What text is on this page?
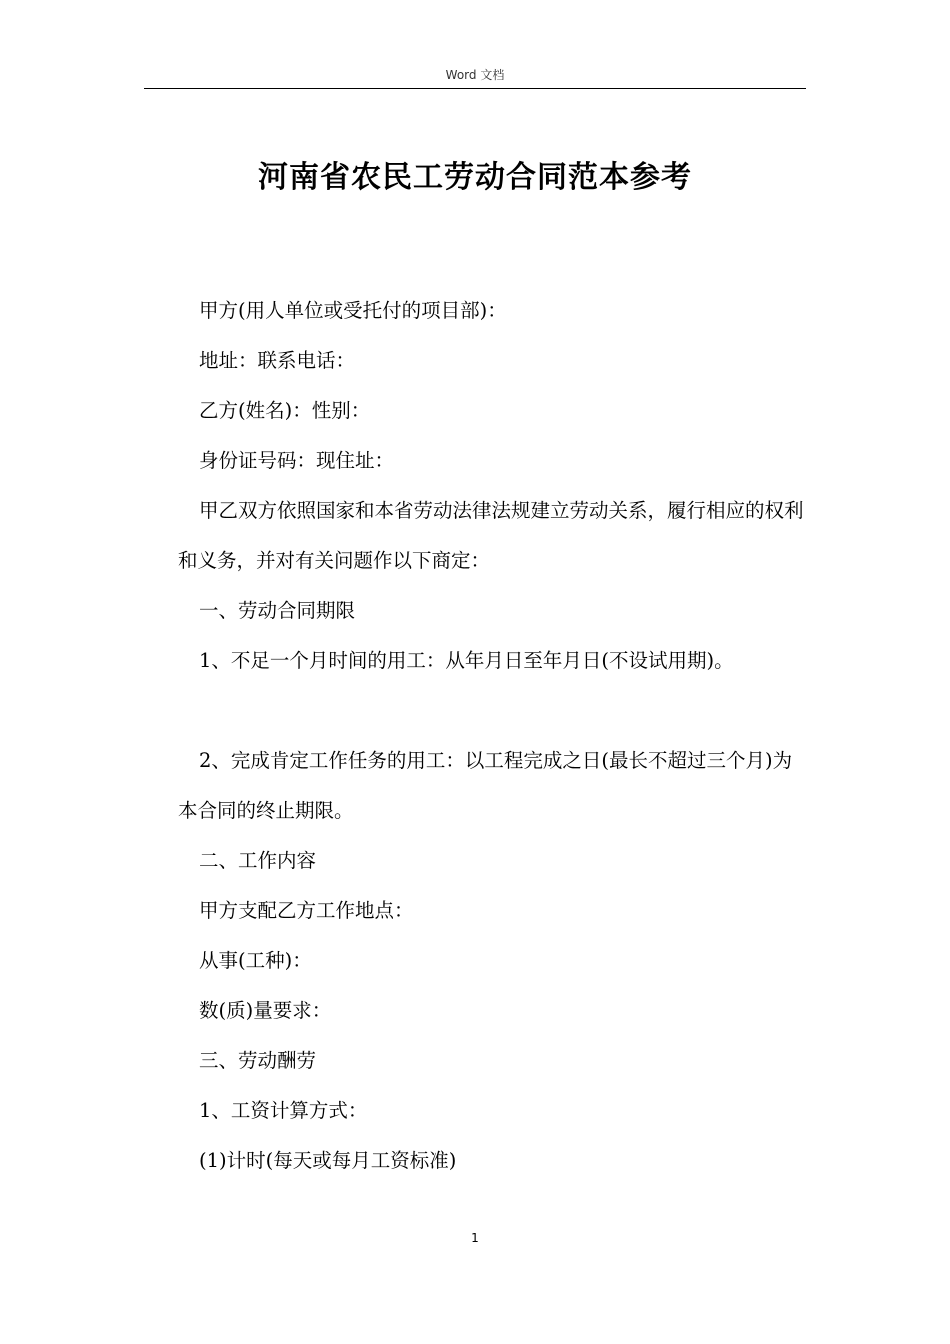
Word 文档
河南省农民工劳动合同范本参考

甲方(用人单位或受托付的项目部)：

地址：联系电话：

乙方(姓名)：性别：

身份证号码：现住址：

甲乙双方依照国家和本省劳动法律法规建立劳动关系，履行相应的权利和义务，并对有关问题作以下商定：

一、劳动合同期限

1、不足一个月时间的用工：从年月日至年月日(不设试用期)。

2、完成肯定工作任务的用工：以工程完成之日(最长不超过三个月)为本合同的终止期限。

二、工作内容

甲方支配乙方工作地点：

从事(工种)：

数(质)量要求：

三、劳动酬劳

1、工资计算方式：

(1)计时(每天或每月工资标准)

1
